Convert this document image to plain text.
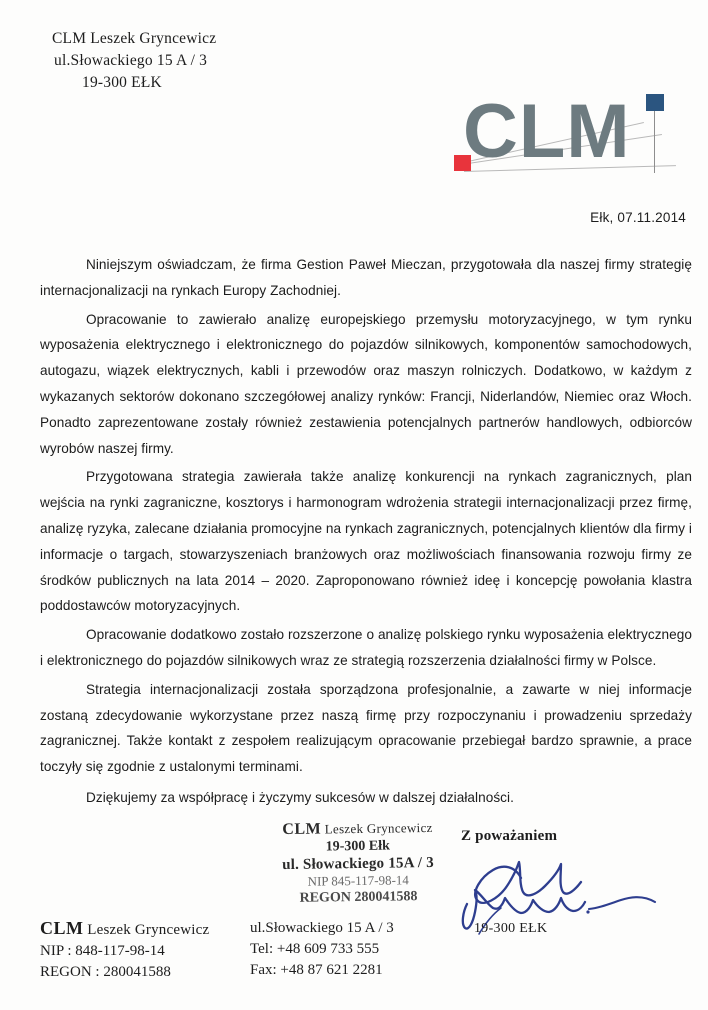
CLM Leszek Gryncewicz
ul.Słowackiego 15 A / 3
19-300 EŁK
CLM
Ełk, 07.11.2014

Niniejszym oświadczam, że firma Gestion Paweł Mieczan, przygotowała dla naszej firmy strategię internacjonalizacji na rynkach Europy Zachodniej.

Opracowanie to zawierało analizę europejskiego przemysłu motoryzacyjnego, w tym rynku wyposażenia elektrycznego i elektronicznego do pojazdów silnikowych, komponentów samochodowych, autogazu, wiązek elektrycznych, kabli i przewodów oraz maszyn rolniczych. Dodatkowo, w każdym z wykazanych sektorów dokonano szczegółowej analizy rynków: Francji, Niderlandów, Niemiec oraz Włoch. Ponadto zaprezentowane zostały również zestawienia potencjalnych partnerów handlowych, odbiorców wyrobów naszej firmy.

Przygotowana strategia zawierała także analizę konkurencji na rynkach zagranicznych, plan wejścia na rynki zagraniczne, kosztorys i harmonogram wdrożenia strategii internacjonalizacji przez firmę, analizę ryzyka, zalecane działania promocyjne na rynkach zagranicznych, potencjalnych klientów dla firmy i informacje o targach, stowarzyszeniach branżowych oraz możliwościach finansowania rozwoju firmy ze środków publicznych na lata 2014 – 2020. Zaproponowano również ideę i koncepcję powołania klastra poddostawców motoryzacyjnych.

Opracowanie dodatkowo zostało rozszerzone o analizę polskiego rynku wyposażenia elektrycznego i elektronicznego do pojazdów silnikowych wraz ze strategią rozszerzenia działalności firmy w Polsce.

Strategia internacjonalizacji została sporządzona profesjonalnie, a zawarte w niej informacje zostaną zdecydowanie wykorzystane przez naszą firmę przy rozpoczynaniu i prowadzeniu sprzedaży zagranicznej. Także kontakt z zespołem realizującym opracowanie przebiegał bardzo sprawnie, a prace toczyły się zgodnie z ustalonymi terminami.

Dziękujemy za współpracę i życzymy sukcesów w dalszej działalności.

CLM Leszek Gryncewicz
19-300 Ełk
ul. Słowackiego 15A / 3
NIP 845-117-98-14
REGON 280041588
Z poważaniem
19-300 EŁK
CLM Leszek Gryncewicz
NIP : 848-117-98-14
REGON : 280041588
ul.Słowackiego 15 A / 3
Tel: +48 609 733 555
Fax: +48 87 621 2281
